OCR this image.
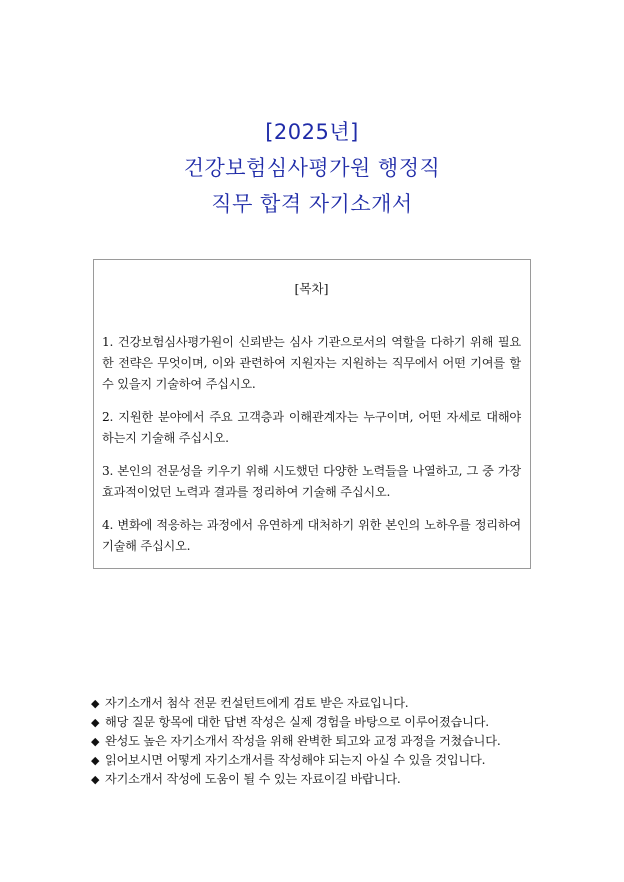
[2025년]
건강보험심사평가원 행정직
직무 합격 자기소개서
[목차]
1. 건강보험심사평가원이 신뢰받는 심사 기관으로서의 역할을 다하기 위해 필요한 전략은 무엇이며, 이와 관련하여 지원자는 지원하는 직무에서 어떤 기여를 할 수 있을지 기술하여 주십시오.
2. 지원한 분야에서 주요 고객층과 이해관계자는 누구이며, 어떤 자세로 대해야 하는지 기술해 주십시오.
3. 본인의 전문성을 키우기 위해 시도했던 다양한 노력들을 나열하고, 그 중 가장 효과적이었던 노력과 결과를 정리하여 기술해 주십시오.
4. 변화에 적응하는 과정에서 유연하게 대처하기 위한 본인의 노하우를 정리하여 기술해 주십시오.
◆ 자기소개서 첨삭 전문 컨설턴트에게 검토 받은 자료입니다.
◆ 해당 질문 항목에 대한 답변 작성은 실제 경험을 바탕으로 이루어졌습니다.
◆ 완성도 높은 자기소개서 작성을 위해 완벽한 퇴고와 교정 과정을 거쳤습니다.
◆ 읽어보시면 어떻게 자기소개서를 작성해야 되는지 아실 수 있을 것입니다.
◆ 자기소개서 작성에 도움이 될 수 있는 자료이길 바랍니다.
